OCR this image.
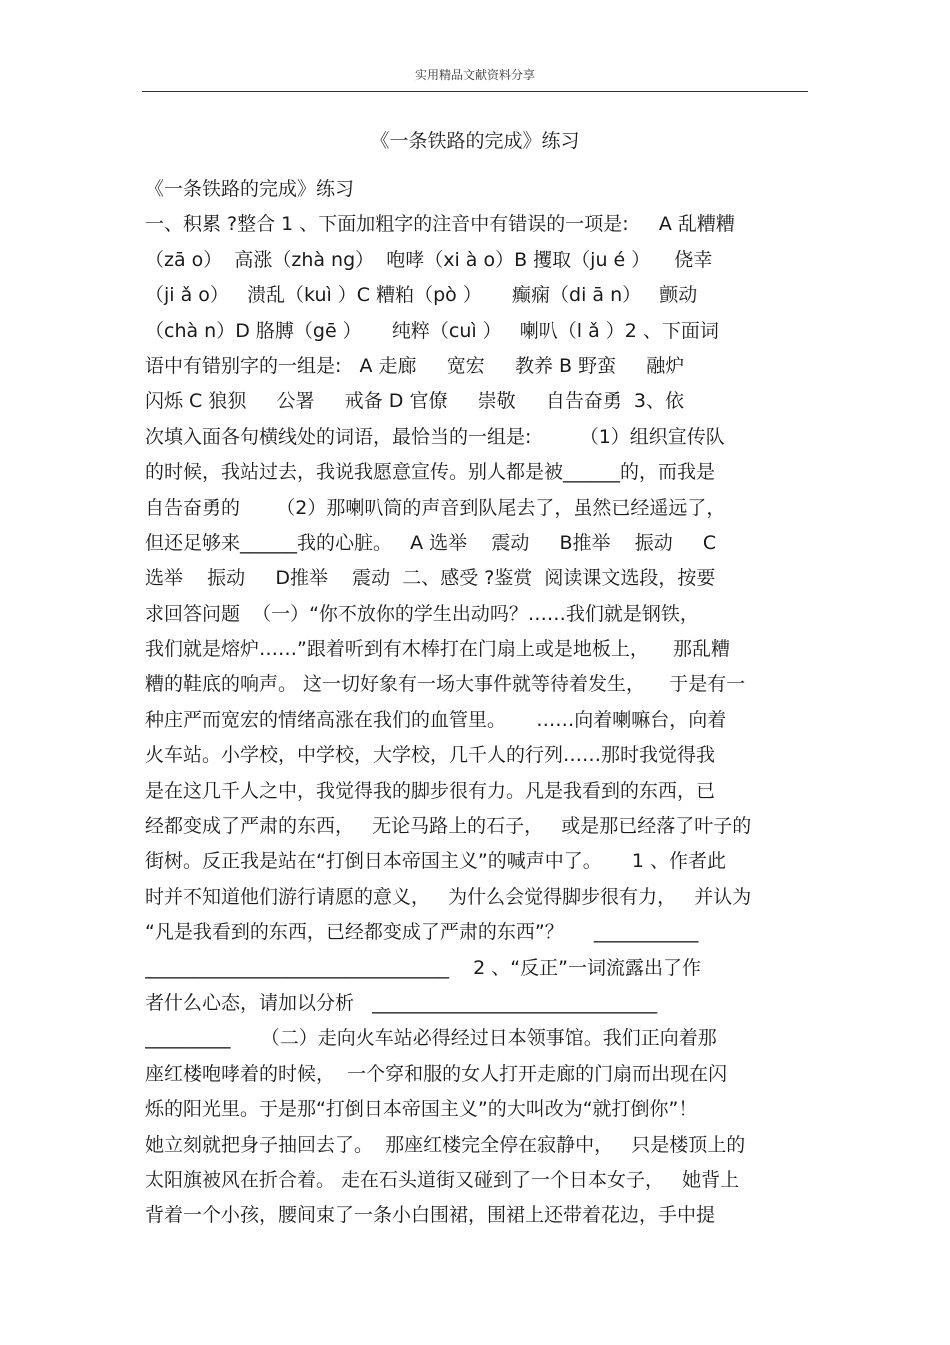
实用精品文献资料分享
《一条铁路的完成》练习
《一条铁路的完成》练习
一、积累 ?整合 1 、下面加粗字的注音中有错误的一项是:     A 乱糟糟
（zā o）  高涨（zhà ng）  咆哮（xi à o）B 攫取（ju é ）    侥幸
（ji ǎ o）   溃乱（kuì ）C 糟粕（pò ）     癫痫（di ā n）   颤动
（chà n）D 胳膊（gē ）     纯粹（cuì ）   喇叭（l ǎ ）2 、下面词
语中有错别字的一组是:   A 走廊     宽宏     教养 B 野蛮     融炉
闪烁 C 狼狈     公署     戒备 D 官僚     崇敬     自告奋勇  3、依
次填入面各句横线处的词语，最恰当的一组是:        （1）组织宣传队
的时候，我站过去，我说我愿意宣传。别人都是被______的，而我是
自告奋勇的      （2）那喇叭筒的声音到队尾去了，虽然已经遥远了，
但还足够来______我的心脏。   A 选举    震动     B推举    振动     C
选举    振动     D推举    震动  二、感受 ?鉴赏  阅读课文选段，按要
求回答问题  （一）“你不放你的学生出动吗？……我们就是钢铁，
我们就是熔炉……”跟着听到有木棒打在门扇上或是地板上，    那乱糟
糟的鞋底的响声。 这一切好象有一场大事件就等待着发生，    于是有一
种庄严而宽宏的情绪高涨在我们的血管里。     ……向着喇嘛台，向着
火车站。小学校，中学校，大学校，几千人的行列……那时我觉得我
是在这几千人之中，我觉得我的脚步很有力。凡是我看到的东西，已
经都变成了严肃的东西，   无论马路上的石子，   或是那已经落了叶子的
街树。反正我是站在“打倒日本帝国主义”的喊声中了。     1 、作者此
时并不知道他们游行请愿的意义，   为什么会觉得脚步很有力，   并认为
“凡是我看到的东西，已经都变成了严肃的东西”？     ___________
________________________________    2 、“反正”一词流露出了作
者什么心态，请加以分析   ______________________________
_________     （二）走向火车站必得经过日本领事馆。我们正向着那
座红楼咆哮着的时候，  一个穿和服的女人打开走廊的门扇而出现在闪
烁的阳光里。于是那“打倒日本帝国主义”的大叫改为“就打倒你”！
她立刻就把身子抽回去了。  那座红楼完全停在寂静中，   只是楼顶上的
太阳旗被风在折合着。 走在石头道街又碰到了一个日本女子，   她背上
背着一个小孩，腰间束了一条小白围裙，围裙上还带着花边，手中提
